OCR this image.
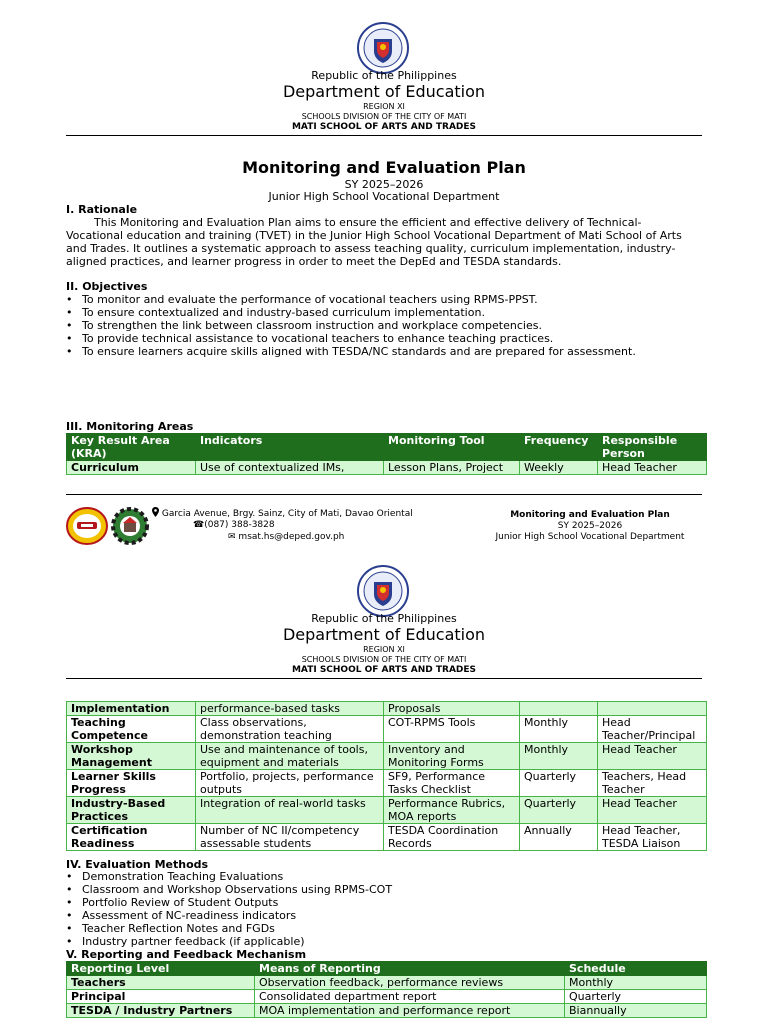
Republic of the Philippines
Department of Education
REGION XI
SCHOOLS DIVISION OF THE CITY OF MATI
MATI SCHOOL OF ARTS AND TRADES
Monitoring and Evaluation Plan
SY 2025–2026
Junior High School Vocational Department
I. Rationale
This Monitoring and Evaluation Plan aims to ensure the efficient and effective delivery of Technical-
Vocational education and training (TVET) in the Junior High School Vocational Department of Mati School of Arts
and Trades. It outlines a systematic approach to assess teaching quality, curriculum implementation, industry-
aligned practices, and learner progress in order to meet the DepEd and TESDA standards.
II. Objectives
• To monitor and evaluate the performance of vocational teachers using RPMS-PPST.
• To ensure contextualized and industry-based curriculum implementation.
• To strengthen the link between classroom instruction and workplace competencies.
• To provide technical assistance to vocational teachers to enhance teaching practices.
• To ensure learners acquire skills aligned with TESDA/NC standards and are prepared for assessment.
III. Monitoring Areas
Key Result Area (KRA)	Indicators	Monitoring Tool	Frequency	Responsible Person
Curriculum	Use of contextualized IMs,	Lesson Plans, Project	Weekly	Head Teacher
Garcia Avenue, Brgy. Sainz, City of Mati, Davao Oriental
☎(087) 388-3828
✉ msat.hs@deped.gov.ph
Monitoring and Evaluation Plan
SY 2025–2026
Junior High School Vocational Department
Republic of the Philippines
Department of Education
REGION XI
SCHOOLS DIVISION OF THE CITY OF MATI
MATI SCHOOL OF ARTS AND TRADES
Implementation	performance-based tasks	Proposals		
Teaching Competence	Class observations, demonstration teaching	COT-RPMS Tools	Monthly	Head Teacher/Principal
Workshop Management	Use and maintenance of tools, equipment and materials	Inventory and Monitoring Forms	Monthly	Head Teacher
Learner Skills Progress	Portfolio, projects, performance outputs	SF9, Performance Tasks Checklist	Quarterly	Teachers, Head Teacher
Industry-Based Practices	Integration of real-world tasks	Performance Rubrics, MOA reports	Quarterly	Head Teacher
Certification Readiness	Number of NC II/competency assessable students	TESDA Coordination Records	Annually	Head Teacher, TESDA Liaison
IV. Evaluation Methods
• Demonstration Teaching Evaluations
• Classroom and Workshop Observations using RPMS-COT
• Portfolio Review of Student Outputs
• Assessment of NC-readiness indicators
• Teacher Reflection Notes and FGDs
• Industry partner feedback (if applicable)
V. Reporting and Feedback Mechanism
Reporting Level	Means of Reporting	Schedule
Teachers	Observation feedback, performance reviews	Monthly
Principal	Consolidated department report	Quarterly
TESDA / Industry Partners	MOA implementation and performance report	Biannually
